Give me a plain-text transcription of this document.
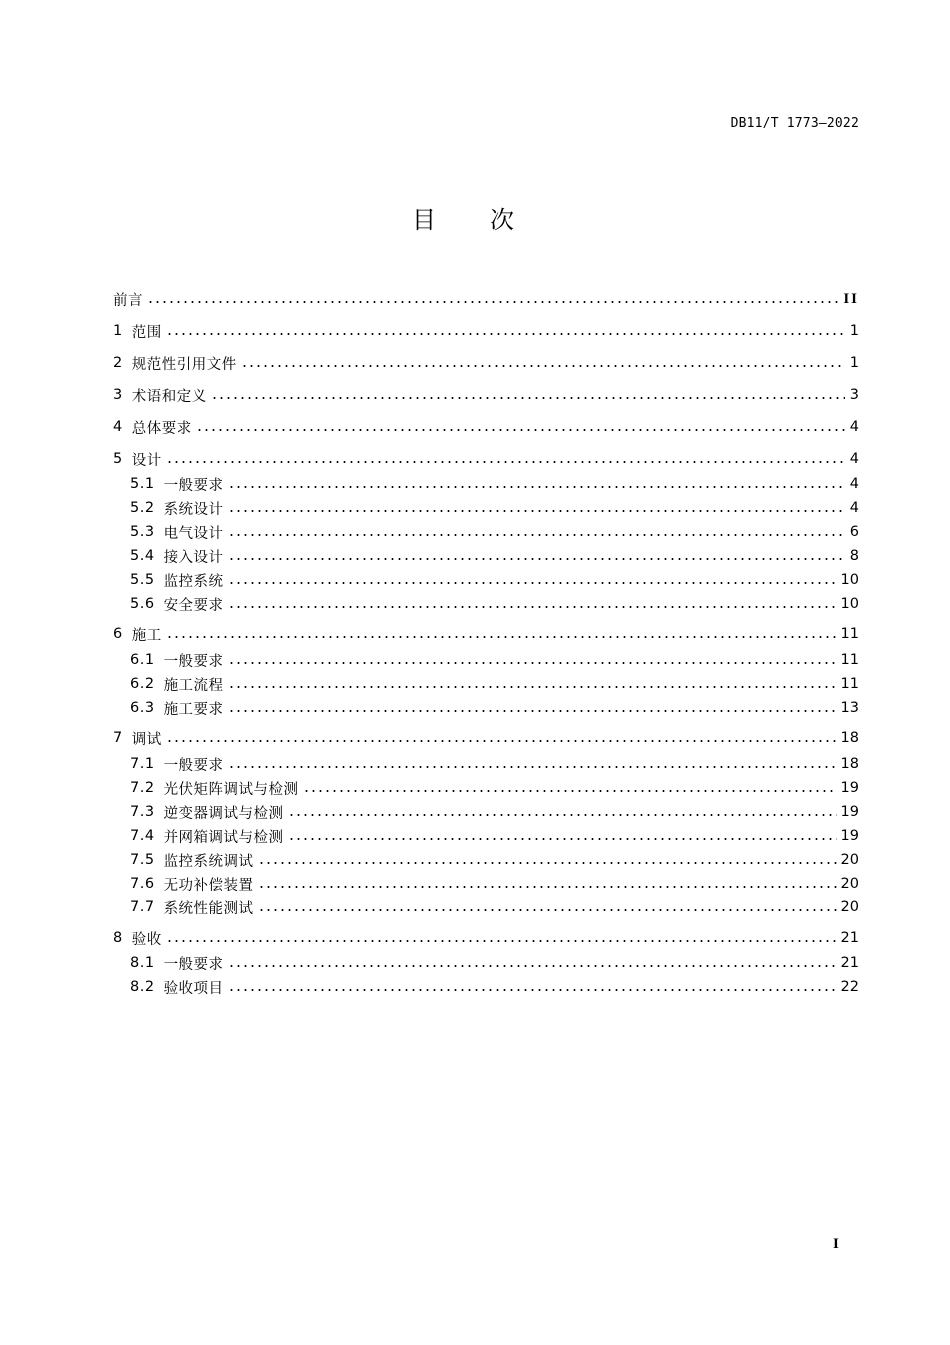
DB11/T 1773—2022
目次
前言	II
1 范围	1
2 规范性引用文件	1
3 术语和定义	3
4 总体要求	4
5 设计	4
5.1 一般要求	4
5.2 系统设计	4
5.3 电气设计	6
5.4 接入设计	8
5.5 监控系统	10
5.6 安全要求	10
6 施工	11
6.1 一般要求	11
6.2 施工流程	11
6.3 施工要求	13
7 调试	18
7.1 一般要求	18
7.2 光伏矩阵调试与检测	19
7.3 逆变器调试与检测	19
7.4 并网箱调试与检测	19
7.5 监控系统调试	20
7.6 无功补偿装置	20
7.7 系统性能测试	20
8 验收	21
8.1 一般要求	21
8.2 验收项目	22
I
